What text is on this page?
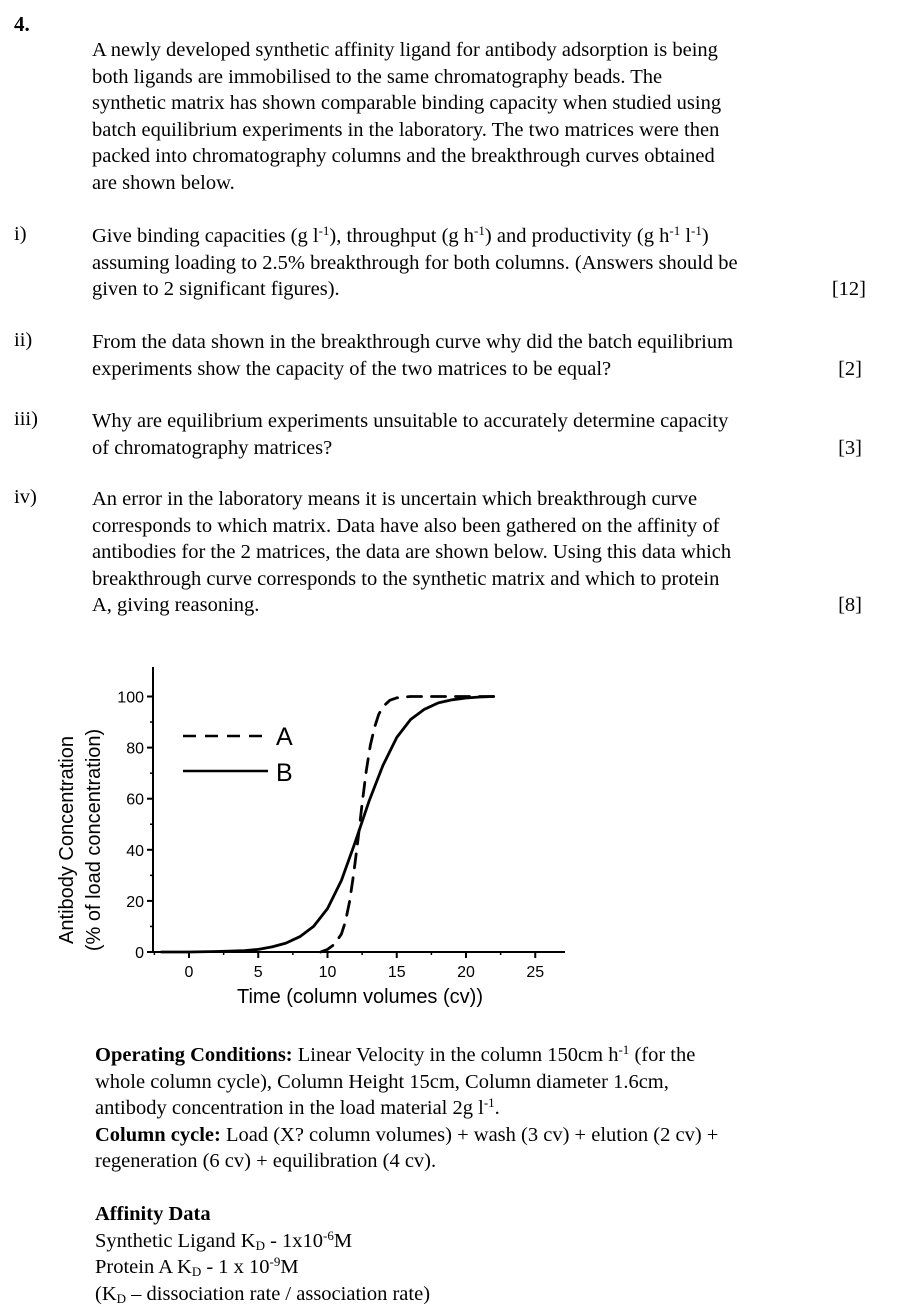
4.
A newly developed synthetic affinity ligand for antibody adsorption is being
both ligands are immobilised to the same chromatography beads. The
synthetic matrix has shown comparable binding capacity when studied using
batch equilibrium experiments in the laboratory. The two matrices were then
packed into chromatography columns and the breakthrough curves obtained
are shown below.
i)	Give binding capacities (g $l^{-1}$), throughput (g $h^{-1}$) and productivity (g $h^{-1}$ $l^{-1}$)
assuming loading to 2.5% breakthrough for both columns. (Answers should be
given to 2 significant figures).	[12]
ii)	From the data shown in the breakthrough curve why did the batch equilibrium
experiments show the capacity of the two matrices to be equal?	[2]
iii)	Why are equilibrium experiments unsuitable to accurately determine capacity
of chromatography matrices?	[3]
iv)	An error in the laboratory means it is uncertain which breakthrough curve
corresponds to which matrix. Data have also been gathered on the affinity of
antibodies for the 2 matrices, the data are shown below. Using this data which
breakthrough curve corresponds to the synthetic matrix and which to protein
A, giving reasoning.	[8]
0
20
40
60
80
100
0	5	10	15	20	25
A
B
Time (column volumes (cv))
Antibody Concentration (% of load concentration)
Operating Conditions: Linear Velocity in the column 150cm $h^{-1}$ (for the
whole column cycle), Column Height 15cm, Column diameter 1.6cm,
antibody concentration in the load material 2g $l^{-1}$.
Column cycle: Load (X? column volumes) + wash (3 cv) + elution (2 cv) +
regeneration (6 cv) + equilibration (4 cv).
Affinity Data
Synthetic Ligand $K_D - 1x10^{-6}M$
Protein A $K_D - 1$ x $10^{-9}M$
($K_D$ – dissociation rate / association rate)
